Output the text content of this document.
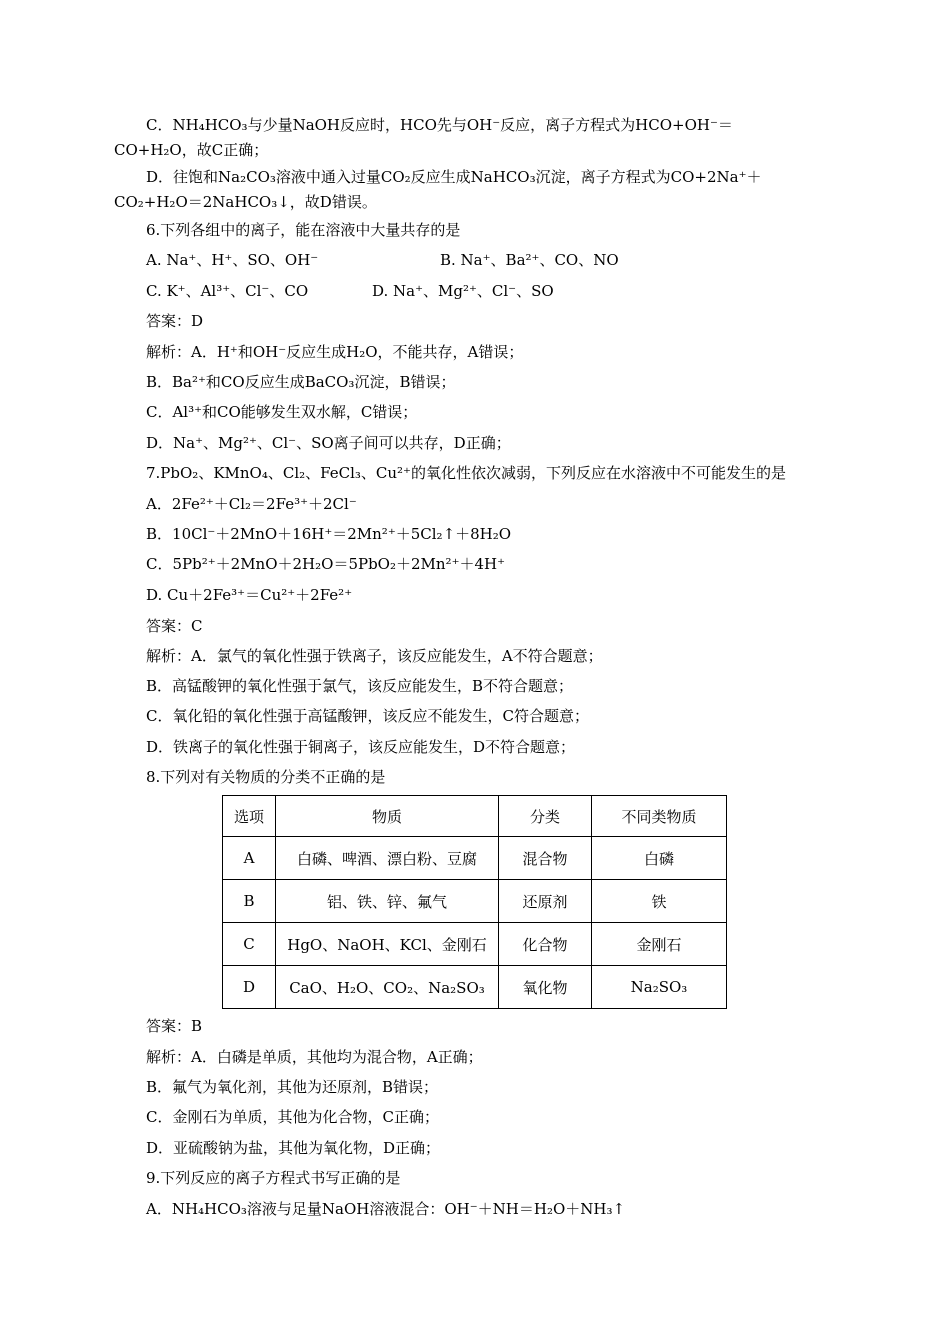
C．NH₄HCO₃与少量NaOH反应时，HCO先与OH⁻反应，离子方程式为HCO+OH⁻＝
CO+H₂O，故C正确；
D．往饱和Na₂CO₃溶液中通入过量CO₂反应生成NaHCO₃沉淀，离子方程式为CO+2Na⁺＋
CO₂+H₂O＝2NaHCO₃↓，故D错误。
6.下列各组中的离子，能在溶液中大量共存的是
A. Na⁺、H⁺、SO、OH⁻	B. Na⁺、Ba²⁺、CO、NO
C. K⁺、Al³⁺、Cl⁻、CO	D. Na⁺、Mg²⁺、Cl⁻、SO
答案：D
解析：A．H⁺和OH⁻反应生成H₂O，不能共存，A错误；
B．Ba²⁺和CO反应生成BaCO₃沉淀，B错误；
C．Al³⁺和CO能够发生双水解，C错误；
D．Na⁺、Mg²⁺、Cl⁻、SO离子间可以共存，D正确；
7.PbO₂、KMnO₄、Cl₂、FeCl₃、Cu²⁺的氧化性依次减弱，下列反应在水溶液中不可能发生的是
A．2Fe²⁺＋Cl₂＝2Fe³⁺＋2Cl⁻
B．10Cl⁻＋2MnO＋16H⁺＝2Mn²⁺＋5Cl₂↑＋8H₂O
C．5Pb²⁺＋2MnO＋2H₂O＝5PbO₂＋2Mn²⁺＋4H⁺
D. Cu＋2Fe³⁺＝Cu²⁺＋2Fe²⁺
答案：C
解析：A．氯气的氧化性强于铁离子，该反应能发生，A不符合题意；
B．高锰酸钾的氧化性强于氯气，该反应能发生，B不符合题意；
C．氧化铅的氧化性强于高锰酸钾，该反应不能发生，C符合题意；
D．铁离子的氧化性强于铜离子，该反应能发生，D不符合题意；
8.下列对有关物质的分类不正确的是
选项	物质	分类	不同类物质
A	白磷、啤酒、漂白粉、豆腐	混合物	白磷
B	铝、铁、锌、氟气	还原剂	铁
C	HgO、NaOH、KCl、金刚石	化合物	金刚石
D	CaO、H₂O、CO₂、Na₂SO₃	氧化物	Na₂SO₃
答案：B
解析：A．白磷是单质，其他均为混合物，A正确；
B．氟气为氧化剂，其他为还原剂，B错误；
C．金刚石为单质，其他为化合物，C正确；
D．亚硫酸钠为盐，其他为氧化物，D正确；
9.下列反应的离子方程式书写正确的是
A．NH₄HCO₃溶液与足量NaOH溶液混合：OH⁻＋NH＝H₂O＋NH₃↑
